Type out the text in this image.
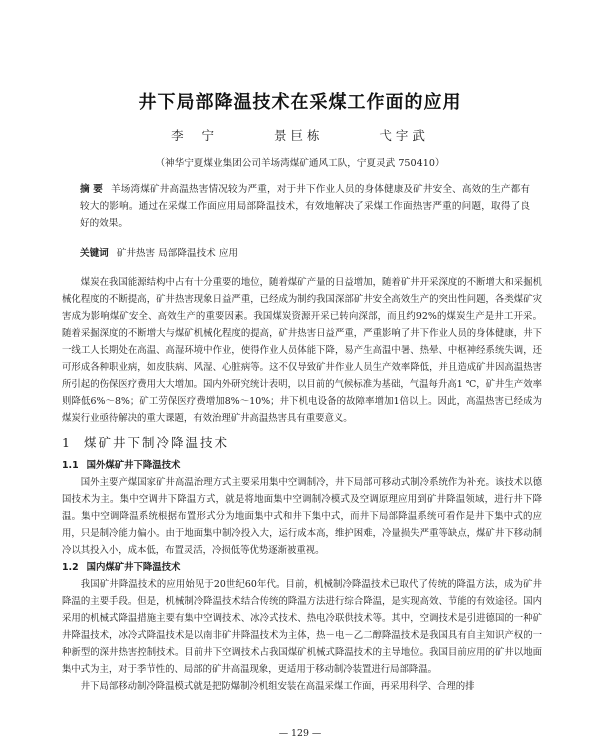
井下局部降温技术在采煤工作面的应用
李 宁	景巨栋	弋宇武
（神华宁夏煤业集团公司羊场湾煤矿通风工队，宁夏灵武 750410）
摘 要 羊场湾煤矿井高温热害情况较为严重，对于井下作业人员的身体健康及矿井安全、高效的生产都有较大的影响。通过在采煤工作面应用局部降温技术，有效地解决了采煤工作面热害严重的问题，取得了良好的效果。
关键词 矿井热害 局部降温技术 应用

煤炭在我国能源结构中占有十分重要的地位，随着煤矿产量的日益增加，随着矿井开采深度的不断增大和采掘机械化程度的不断提高，矿井热害现象日益严重，已经成为制约我国深部矿井安全高效生产的突出性问题，各类煤矿灾害成为影响煤矿安全、高效生产的重要因素。我国煤炭资源开采已转向深部，而且约92%的煤炭生产是井工开采。随着采掘深度的不断增大与煤矿机械化程度的提高，矿井热害日益严重，严重影响了井下作业人员的身体健康，井下一线工人长期处在高温、高湿环境中作业，使得作业人员体能下降，易产生高温中暑、热晕、中枢神经系统失调，还可形成各种职业病，如皮肤病、风湿、心脏病等。这不仅导致矿井作业人员生产效率降低，并且造成矿井因高温热害所引起的伤保医疗费用大大增加。国内外研究统计表明，以目前的气候标准为基础，气温每升高1 ℃，矿井生产效率则降低6%～8%；矿工劳保医疗费增加8%～10%；井下机电设备的故障率增加1倍以上。因此，高温热害已经成为煤炭行业亟待解决的重大课题，有效治理矿井高温热害具有重要意义。

1 煤矿井下制冷降温技术
1.1 国外煤矿井下降温技术

国外主要产煤国家矿井高温治理方式主要采用集中空调制冷，井下局部可移动式制冷系统作为补充。该技术以德国技术为主。集中空调井下降温方式，就是将地面集中空调制冷模式及空调原理应用到矿井降温领域，进行井下降温。集中空调降温系统根据布置形式分为地面集中式和井下集中式，而井下局部降温系统可看作是井下集中式的应用，只是制冷能力偏小。由于地面集中制冷投入大，运行成本高，维护困难，冷量损失严重等缺点，煤矿井下移动制冷以其投入小，成本低，布置灵活，冷损低等优势逐渐被重视。

1.2 国内煤矿井下降温技术

我国矿井降温技术的应用始见于20世纪60年代。目前，机械制冷降温技术已取代了传统的降温方法，成为矿井降温的主要手段。但是，机械制冷降温技术结合传统的降温方法进行综合降温，是实现高效、节能的有效途径。国内采用的机械式降温措施主要有集中空调技术、冰冷式技术、热电冷联供技术等。其中，空调技术是引进德国的一种矿井降温技术，冰冷式降温技术是以南非矿井降温技术为主体，热－电－乙二醇降温技术是我国具有自主知识产权的一种新型的深井热害控制技术。目前井下空调技术占我国煤矿机械式降温技术的主导地位。我国目前应用的矿井以地面集中式为主，对于季节性的、局部的矿井高温现象，更适用于移动制冷装置进行局部降温。

井下局部移动制冷降温模式就是把防爆制冷机组安装在高温采煤工作面，再采用科学、合理的排

— 129 —
